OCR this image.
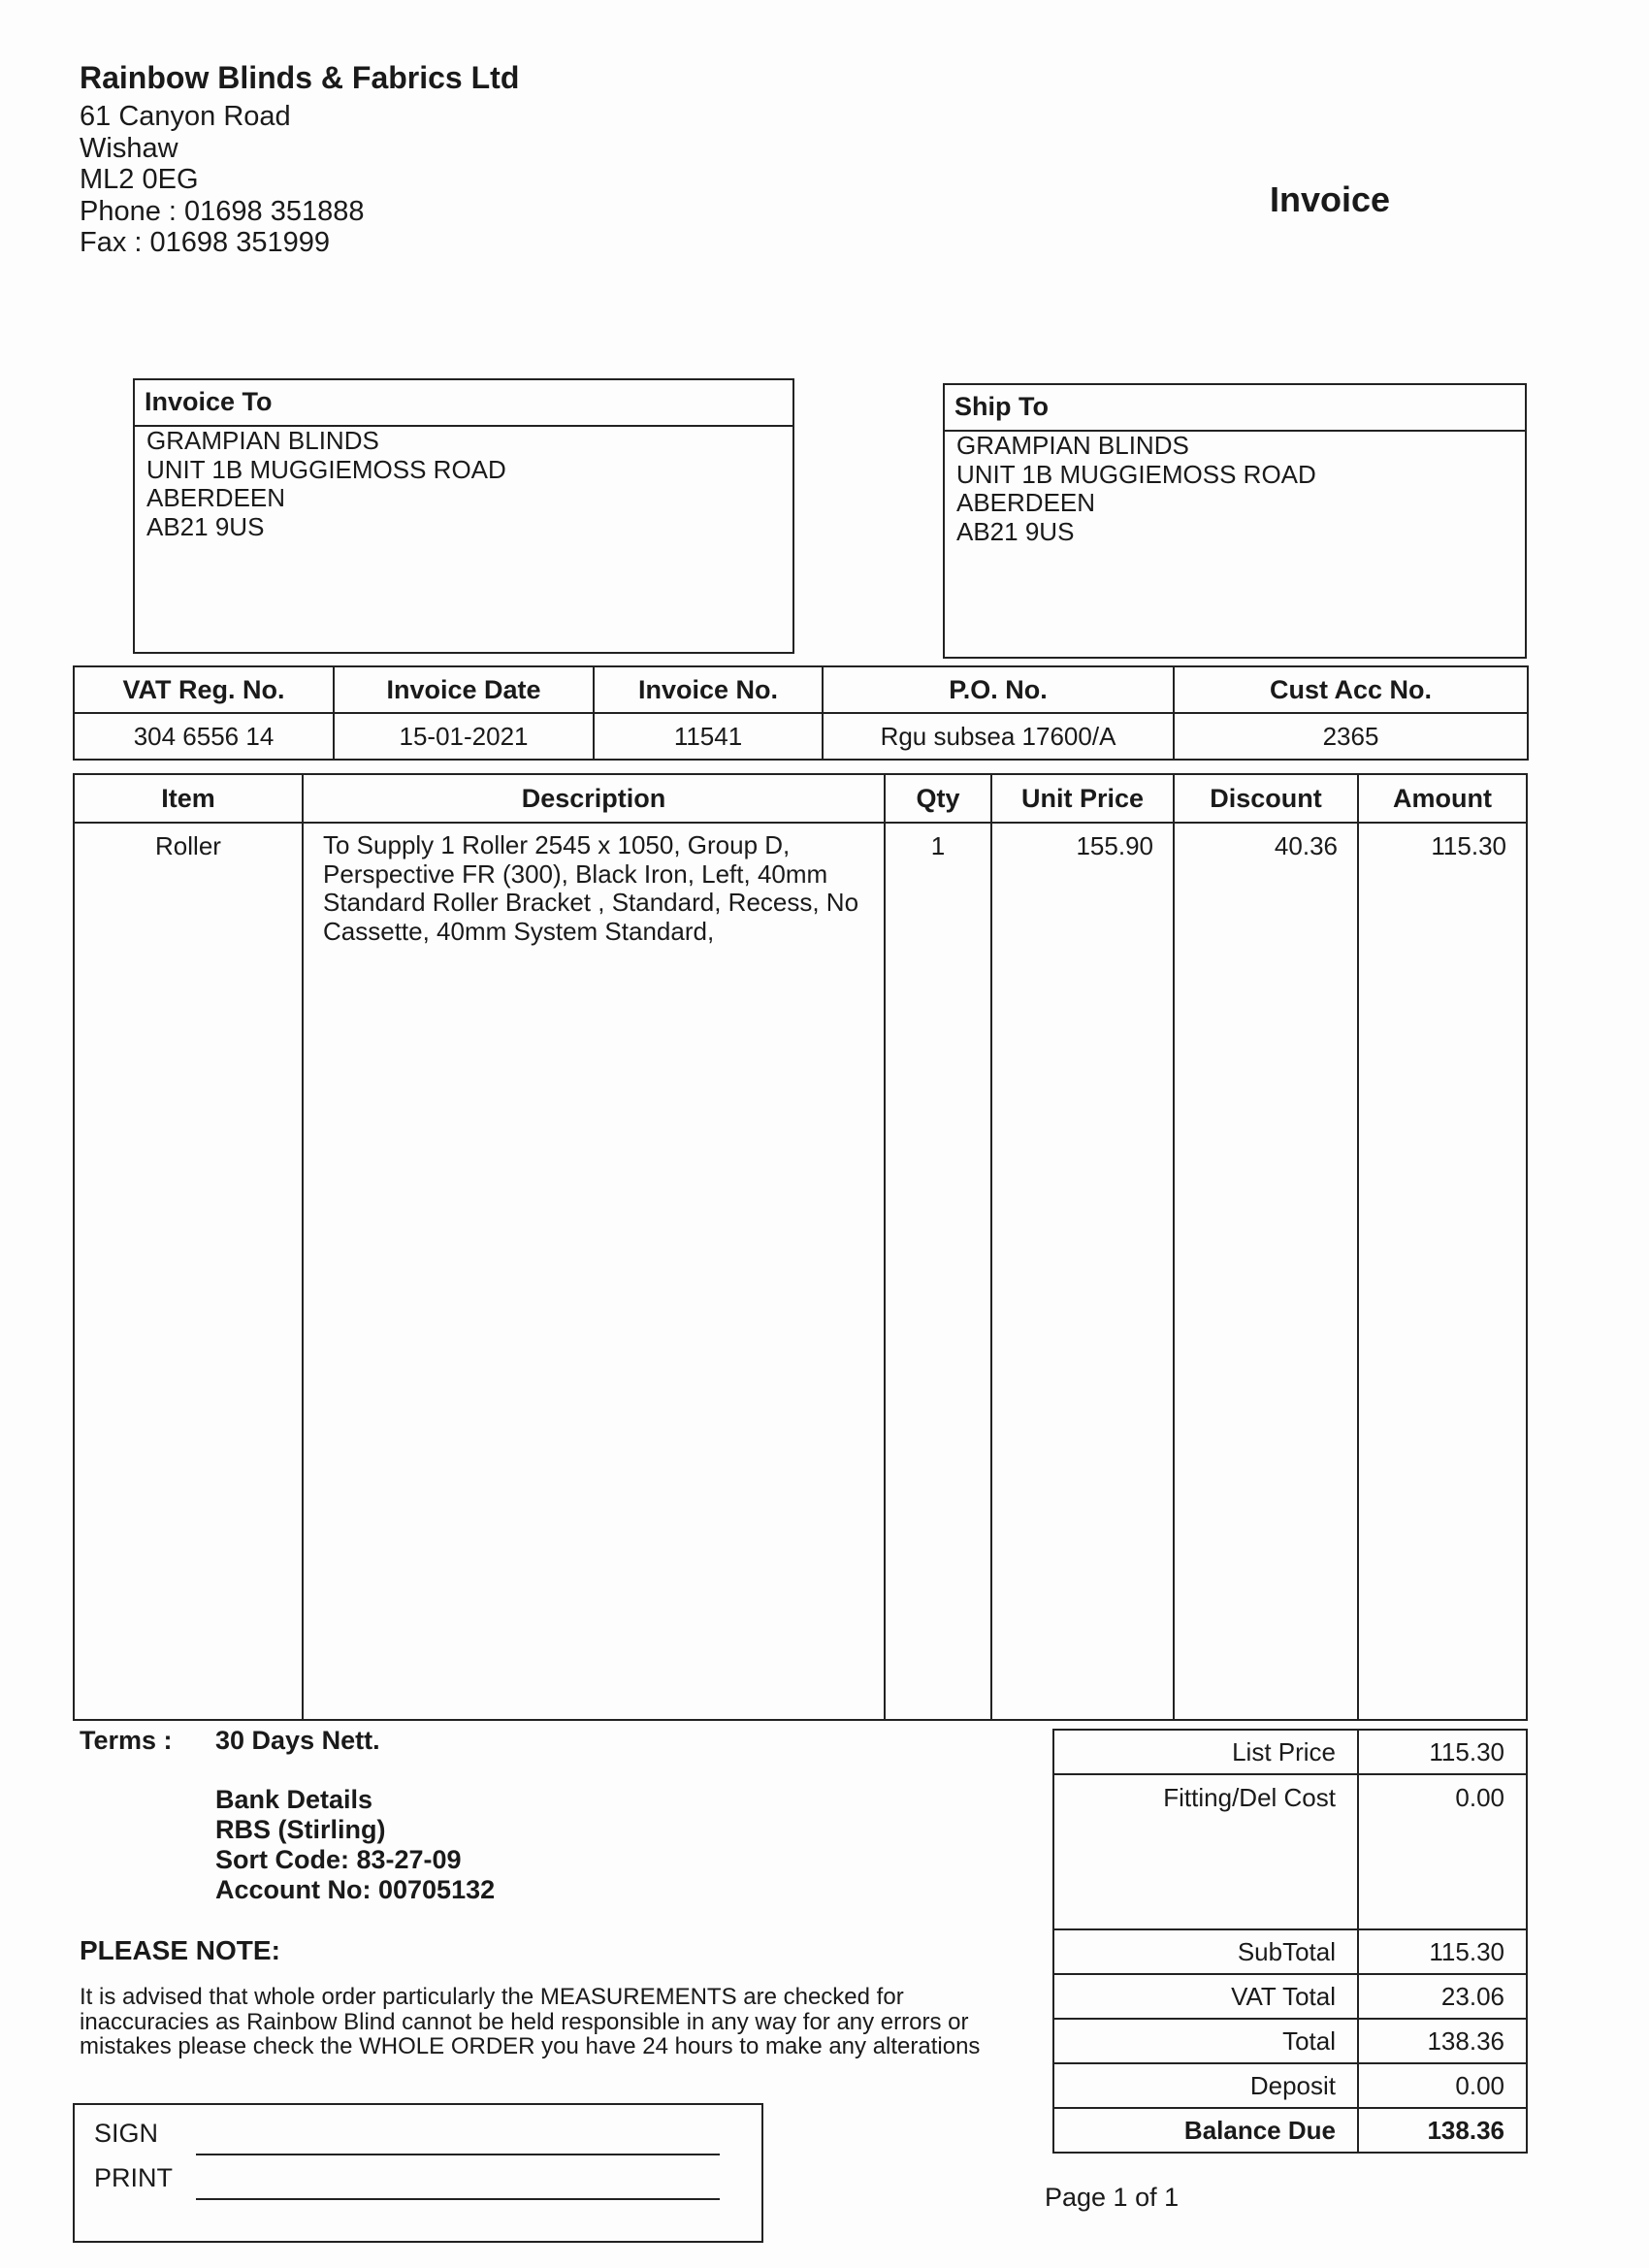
Rainbow Blinds & Fabrics Ltd
61 Canyon Road
Wishaw
ML2 0EG
Phone : 01698 351888
Fax : 01698 351999
Invoice
Invoice To
GRAMPIAN BLINDS
UNIT 1B MUGGIEMOSS ROAD
ABERDEEN
AB21 9US
Ship To
GRAMPIAN BLINDS
UNIT 1B MUGGIEMOSS ROAD
ABERDEEN
AB21 9US
VAT Reg. No.	Invoice Date	Invoice No.	P.O. No.	Cust Acc No.
304 6556 14	15-01-2021	11541	Rgu subsea 17600/A	2365
Item	Description	Qty	Unit Price	Discount	Amount
Roller	To Supply 1 Roller 2545 x 1050, Group D, Perspective FR (300), Black Iron, Left, 40mm Standard Roller Bracket , Standard, Recess, No Cassette, 40mm System Standard,	1	155.90	40.36	115.30
Terms : 30 Days Nett.
Bank Details
RBS (Stirling)
Sort Code: 83-27-09
Account No: 00705132
PLEASE NOTE:
It is advised that whole order particularly the MEASUREMENTS are checked for
inaccuracies as Rainbow Blind cannot be held responsible in any way for any errors or
mistakes please check the WHOLE ORDER you have 24 hours to make any alterations
List Price	115.30
Fitting/Del Cost	0.00
SubTotal	115.30
VAT Total	23.06
Total	138.36
Deposit	0.00
Balance Due	138.36
SIGN
PRINT
Page 1 of 1
